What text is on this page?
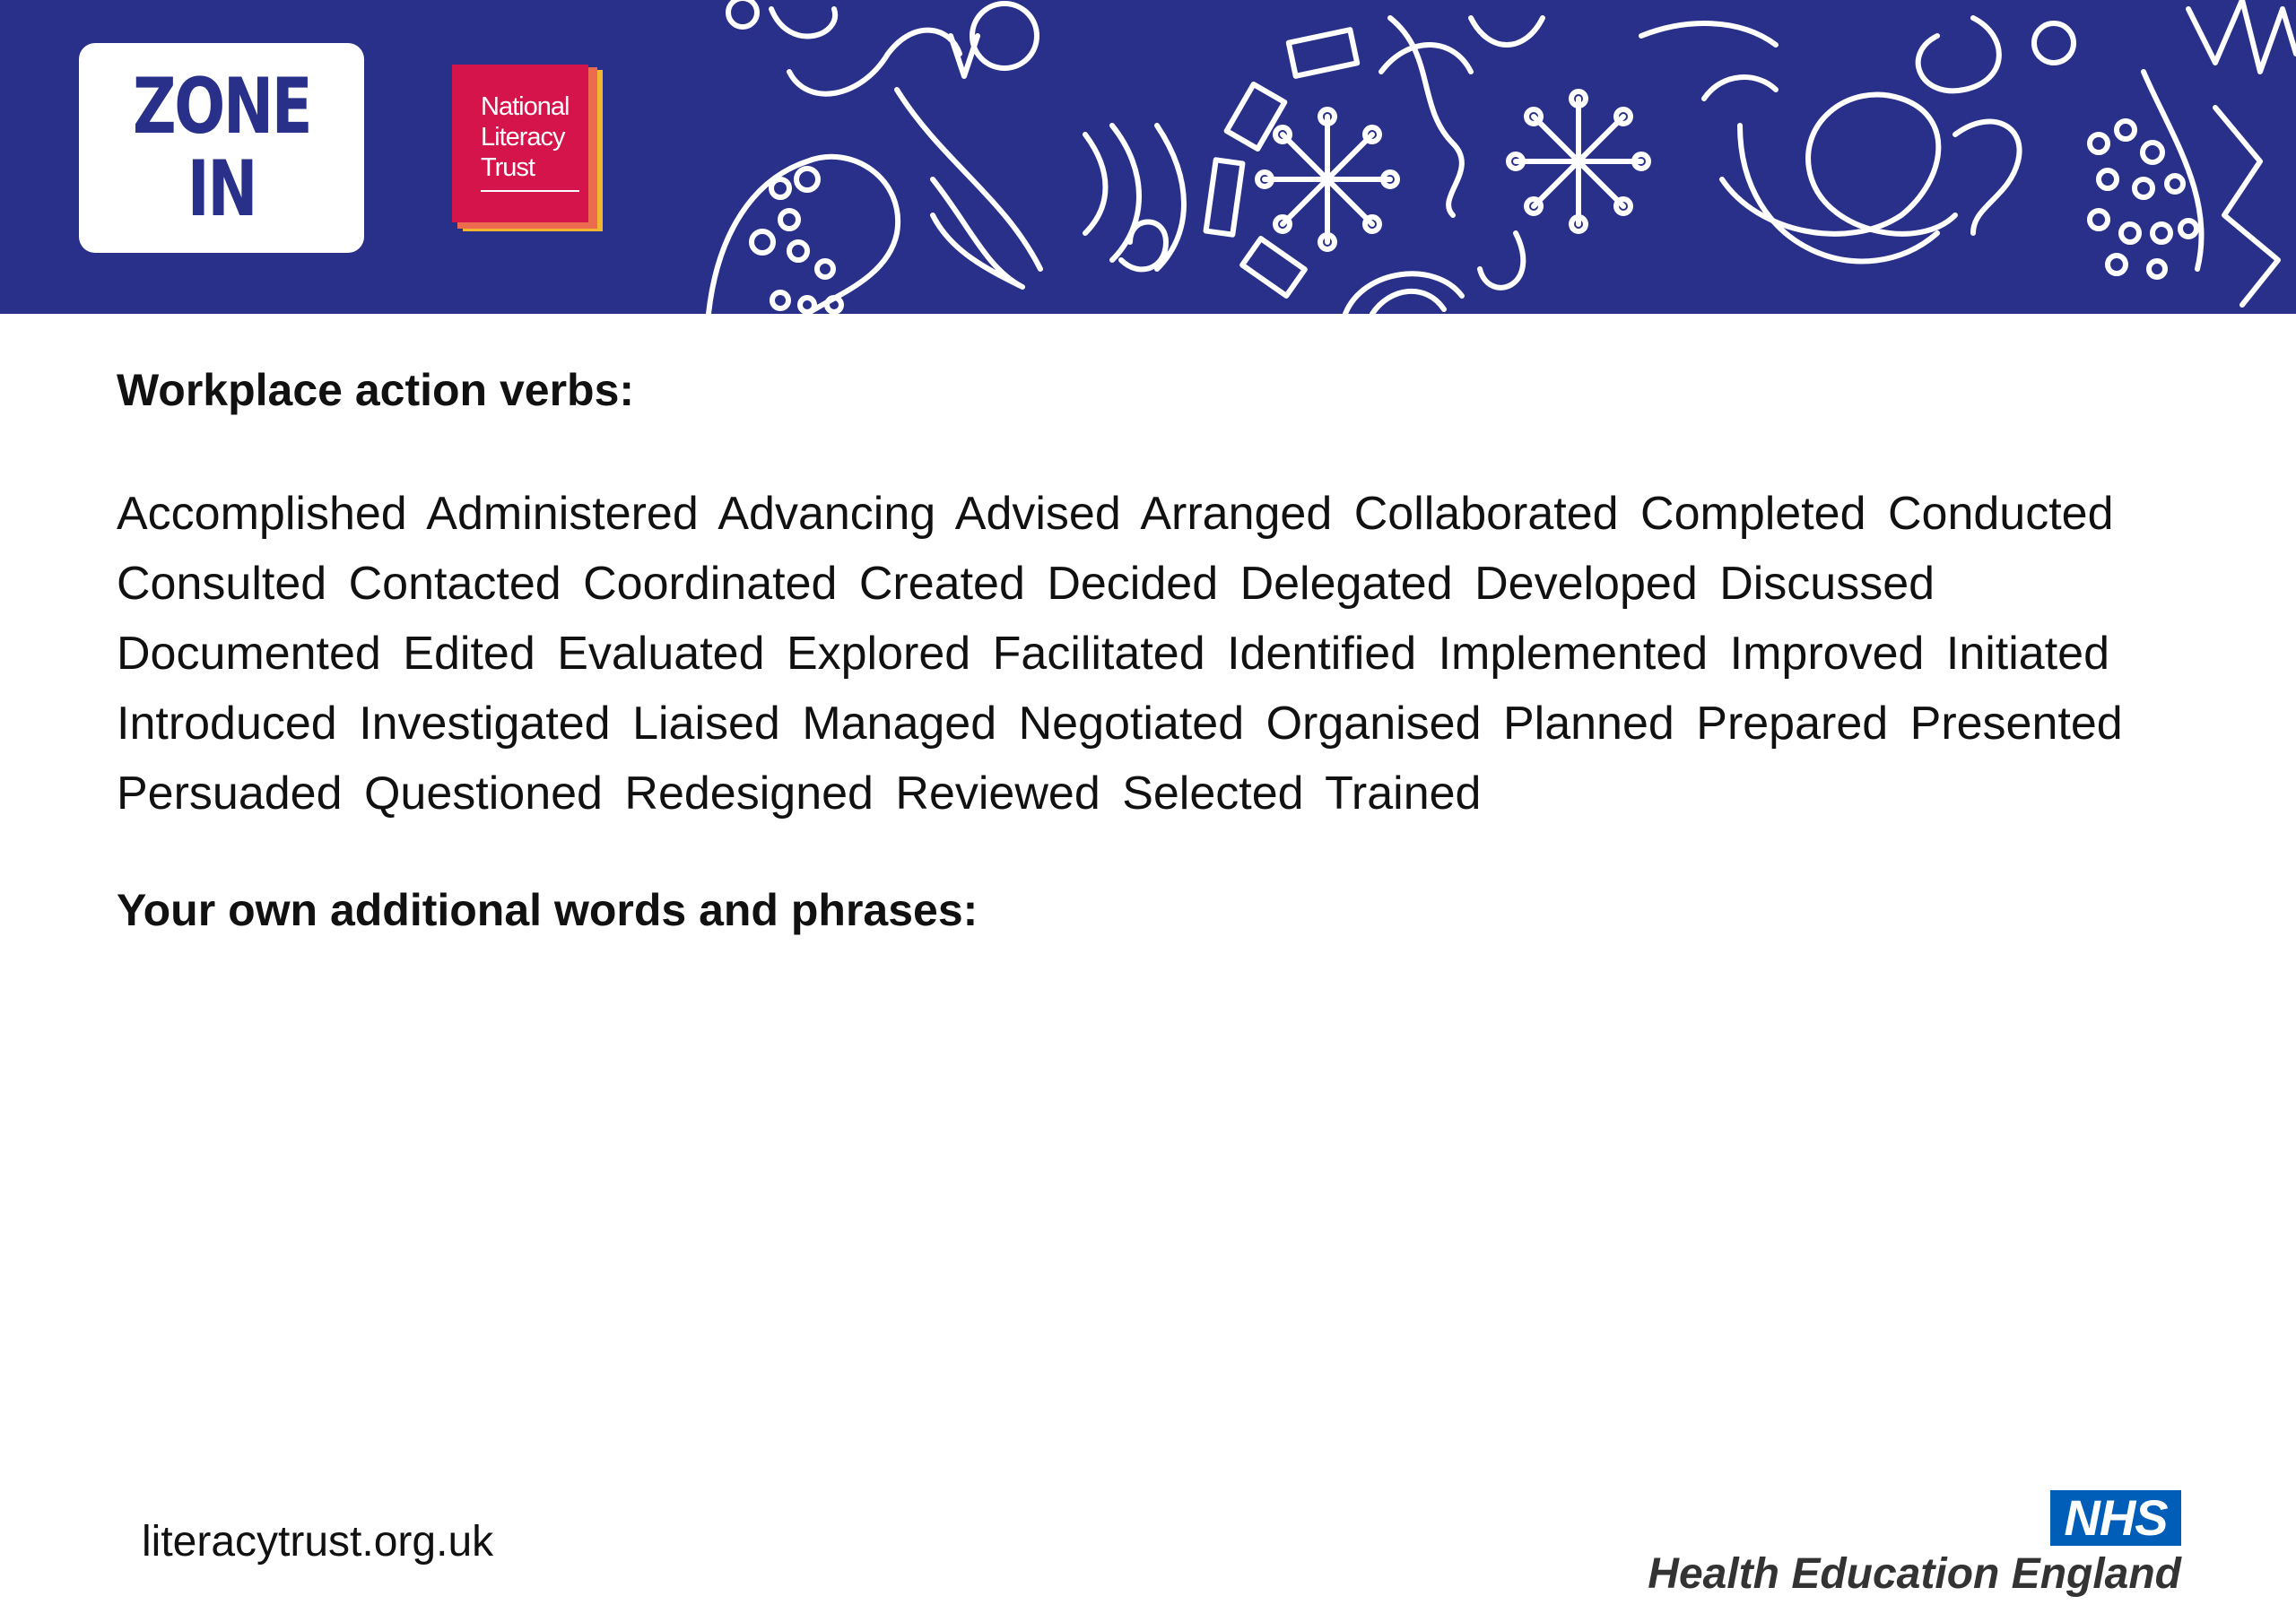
ZONE
IN
National
Literacy
Trust
Workplace action verbs:

Accomplished Administered Advancing Advised Arranged Collaborated Completed Conducted Consulted Contacted Coordinated Created Decided Delegated Developed Discussed Documented Edited Evaluated Explored Facilitated Identified Implemented Improved Initiated Introduced Investigated Liaised Managed Negotiated Organised Planned Prepared Presented Persuaded Questioned Redesigned Reviewed Selected Trained

Your own additional words and phrases:
literacytrust.org.uk	NHS
Health Education England
